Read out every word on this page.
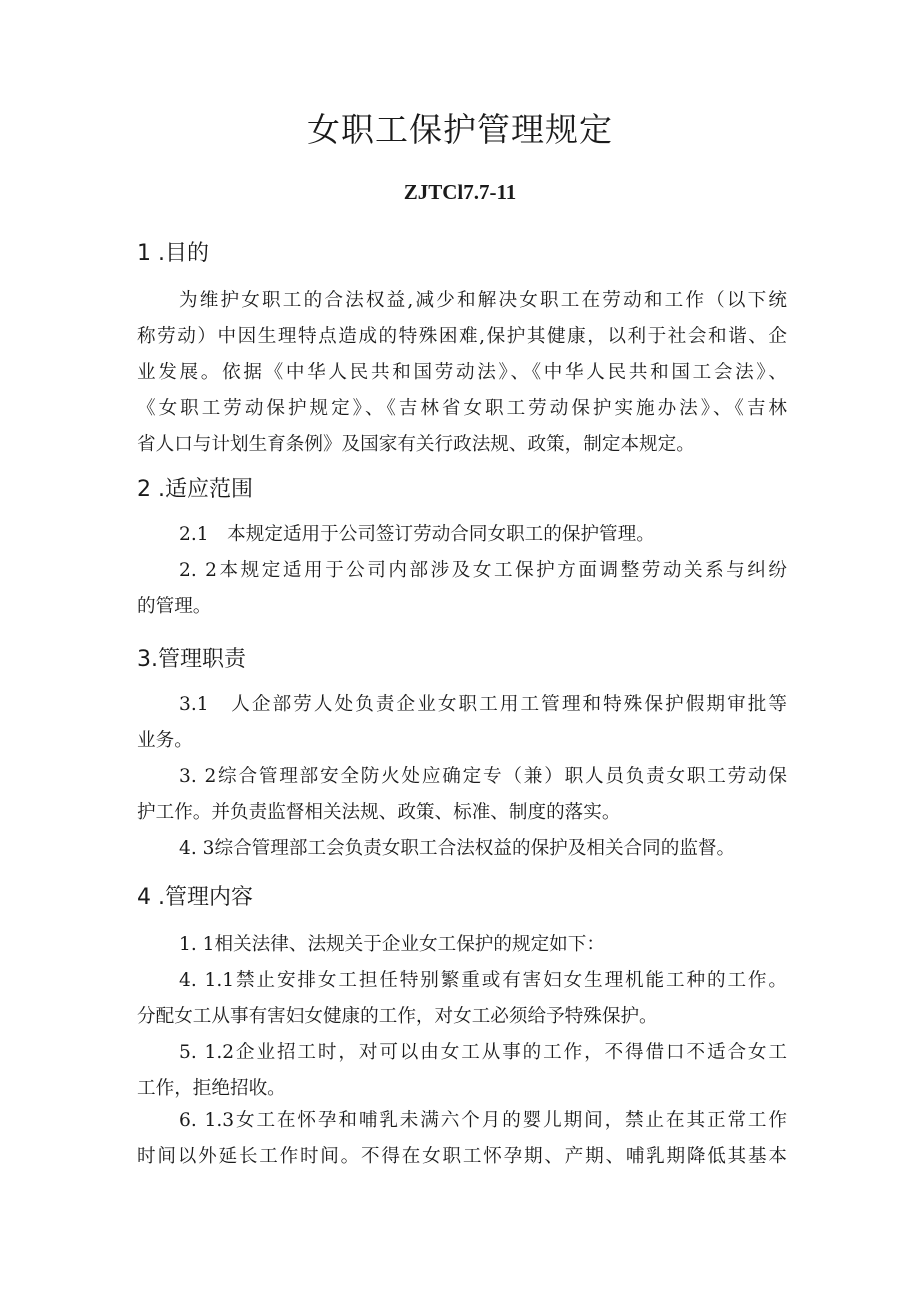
女职工保护管理规定
ZJTCl7.7-11
1 .目的
为维护女职工的合法权益,减少和解决女职工在劳动和工作（以下统
称劳动）中因生理特点造成的特殊困难,保护其健康，以利于社会和谐、企
业发展。依据《中华人民共和国劳动法》、《中华人民共和国工会法》、
《女职工劳动保护规定》、《吉林省女职工劳动保护实施办法》、《吉林
省人口与计划生育条例》及国家有关行政法规、政策，制定本规定。
2 .适应范围
2.1　本规定适用于公司签订劳动合同女职工的保护管理。
2. 2本规定适用于公司内部涉及女工保护方面调整劳动关系与纠纷
的管理。
3.管理职责
3.1　人企部劳人处负责企业女职工用工管理和特殊保护假期审批等
业务。
3. 2综合管理部安全防火处应确定专（兼）职人员负责女职工劳动保
护工作。并负责监督相关法规、政策、标准、制度的落实。
4. 3综合管理部工会负责女职工合法权益的保护及相关合同的监督。
4 .管理内容
1. 1相关法律、法规关于企业女工保护的规定如下：
4. 1.1禁止安排女工担任特别繁重或有害妇女生理机能工种的工作。
分配女工从事有害妇女健康的工作，对女工必须给予特殊保护。
5. 1.2企业招工时，对可以由女工从事的工作，不得借口不适合女工
工作，拒绝招收。
6. 1.3女工在怀孕和哺乳未满六个月的婴儿期间，禁止在其正常工作
时间以外延长工作时间。不得在女职工怀孕期、产期、哺乳期降低其基本
